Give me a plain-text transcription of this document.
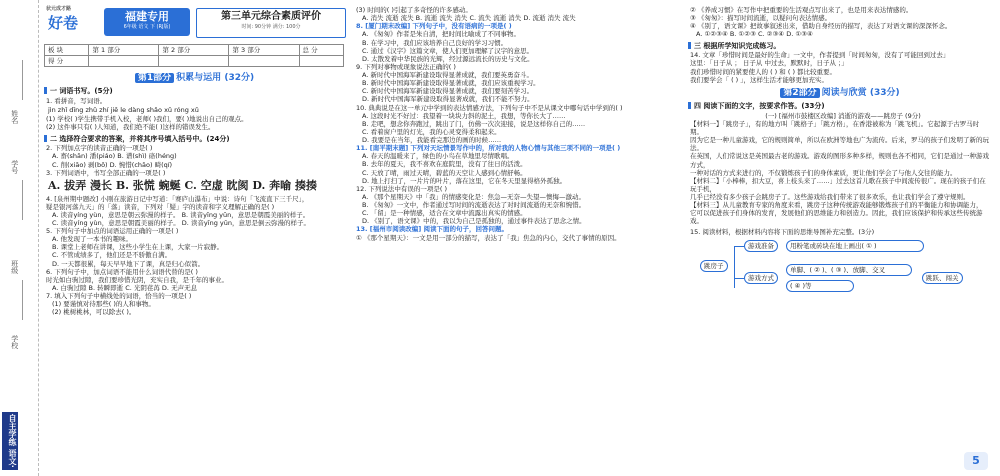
姓名
学号
班级
学校
自主学练 语文·
状元成才路
好卷	福建专用
6年级 语文 下 (RJ版)
第三单元综合素质评价
时间: 90分钟 满分: 100分
板 块	第 1 部分	第 2 部分	第 3 部分	总 分
得 分				
第1部分 积累与运用 (32分)
一 词语书写。(5分)
1. 看拼音，写词语。
jìn zhǐ dīng zhǔ zhí jiē le dàng shǎo xǔ róng xǔ
(1) 学校( )学生携带手机入校，老师( )我们，要( )地说出自己的观点。
(2) 这件事只有( )人知道，我们绝不能( )这样的错误发生。
二 选择符合要求的答案，并将其序号填入括号中。(24分)
2. 下列加点字的读音正确的一项是( )
A. 畜(shān) 潘(piáo) B. 谱(shì) 硌(héng)
C. 削(xiāo) 剥(bō) D. 惋惜(chāo) 畸(qí)
3. 下列词语中，书写全部正确的一项是( )
A. 拔弄 漫长 B. 张慌 蜿蜒 C. 空虚 眈阂 D. 奔喻 揍揍
4. [泉州期中题改] 小刚在旅游日记中写道：「赛庐山瀑布」中说：诗句「飞流直下三千尺」，
疑是银河落九天」的「落」读音，下列对「疑」字的读音和字义理解正确的是( )
A. 读音yíng yùn，意思是朝云弥漫的样子。 B. 读音yīng yūn，意思是朝霞美丽的样子。
C. 读音yíng yùn，意思是朝霞美丽的样子。 D. 读音yīng yūn，意思是倒云弥漫的样子。
5. 下列句子中加点的词语运用正确的一项是( )
A. 他发现了一本书的趣味。
B. 课堂上老师在讲课，这些小学生在上课，大家一片寂静。
C. 不管成绩多了，他们还是不骄傲自满。
D. 一天都很累，每天早早地下了课，真是归心似箭。
6. 下列句子中，加点词语不能用什么词语代替的是( )
时光如白驹过隙，我们要珍惜光阴，充实自我，是千年的事业。
A. 白驹过隙 B. 转瞬即逝 C. 光阴荏苒 D. 无声无息
7. 填入下列句子中横线处的词语，恰当的一项是( )
(1) 要谨慎对待那些( )的人和事物。
(2) 桃树桃林，可以除去( )。
(3) 时间的( )引起了多奇怪的许多感动。
A. 消失 流逝 流失 B. 流逝 流失 消失 C. 流失 流逝 消失 D. 流逝 消失 流失
8. [厦门期末改编] 下列句子中，没有语病的一项是( )
A. 《匆匆》作者是朱自清，把时间比喻成了不同事物。
B. 在学习中，我们应该培养自己良好的学习习惯。
C. 通过《汉字》这篇文章，使人们更加理解了汉字的意思。
D. 太散发着中华民族的光辉，经过源远流长的历史与文化。
9. 下列对事物或现象说法正确的( )
A. 新时代中国海军新建设取得显著成就，我们要英勇奋斗。
B. 新时代中国海军新建设取得显著成就，我们应该重视学习。
C. 新时代中国海军新建设取得显著成就，我们要刻苦学习。
D. 新时代中国海军新建设取得显著成就，我们不能不努力。
10. 典典说是在这一单元中学到的表达情感方法，下列句子中不是从课文中哪句话中学到的( )
A. 这段时光不好过：我望着一块块力斜的泥土，我想，等你长大了……
B. 走吧，想念你奔跑过，跳出了门，仿佛一次次迎接，说是这样你自己的……
C. 看着窗户里的灯光，我的心灵变得柔和起来。
D. 我要是在当年，我能看完那边的画的时候……
11. [南平期末题] 下列对天坛情景写作中的，所对我的人物心情与其他三项不同的一项是( )
A. 春天的温暖来了，绿色的小鸟在草地里尽情歌唱。
B. 去年的夏天，我不喜欢在庭院里，没有了往日的活泼。
C. 天放了晴，雨过天晴，碧蓝的天空让人感到心情舒畅。
D. 地上打扫了，一片片的叶片，落在这里，它在冬天里显得格外孤独。
12. 下列说法中有误的一项是( )
A. 《那个星期天》中「我」的情感变化是：焦急—无奈—失望—懊悔—激动。
B. 《匆匆》一文中，作者通过写时间的流逝表达了对时间流逝的无奈和惋惜。
C. 「留」是一种情感，适合在文章中流露出真实的情感。
D. 《别了，语文课》中的，我以为自己是孤独的，通过事件表达了思念之情。
13. [福州市阅读改编] 阅读下面的句子，回答问题。
① 《那个星期天》：一文是用一部分的描写，表达了「我」焦急的内心，交代了事情的原因。
② 《养成习惯》在写作中把重要的生活观点写出来了，也是用来表达情感的。
③ 《匆匆》：描写时间流逝，以疑问句表达情感。
④ 《别了，语文课》把故事叙述出来，借助自身经历的描写，表达了对语文课的深深怀念。
A. ①②③④ B. ①②③ C. ②③④ D. ①③④
三 根据所学知识完成练习。
14. 文章「珍惜时间是最好的生命」一文中，作者提到「时间匆匆，没有了可能回到过去」
这里：「日子从 ； 日子从 中过去，默默时，日子从 ；」
我们珍惜时间的紧要使人的 ( ) 和 ( ) 都比较重要。
我们要学会「 ( ) 」，这样生活才能够更加充实。
第2部分 阅读与欣赏 (33分)
四 阅读下面的文字，按要求作答。(33分)
(一) [福州市鼓楼区改编] 消逝的游戏——跳房子 (9分)
【材料一】「跳房子」，有的地方叫「跳格子」「跳方格」，在香港被称为「跳飞机」。它起源于古罗马时期。
因为它是一种儿童游戏，它的规则简单，所以在欧洲等地也广为流传。后来，罗马的孩子们发明了新的玩法。
在英国，人们常说这是英国最古老的游戏。游戏的图形多种多样，规则也各不相同，它们是通过一种游戏方式，
一种对话的方式来进行的，不仅锻炼孩子们的身体素质，更让他们学会了与他人交往的能力。
【材料二】「小棒棒，扣大豆，喜上枝头来了……」过去这首儿歌在孩子中间流传很广。现在的孩子们在玩手机，
几乎已经没有多少孩子会跳房子了。这些游戏给我们带来了很多欢乐，也让我们学会了遵守规则。
【材料三】从儿童教育专家的角度来看，跳房子这种传统游戏能够锻炼孩子们的平衡能力和协调能力，
它可以促进孩子们身体的发育，发展他们的思维能力和创造力。因此，我们应该保护和传承这些传统游戏。
15. 阅读材料，根据材料内容将下面的思维导图补充完整。(3分)
跳房子
游戏准备	用粉笔或砖块在地上画出( ① )
游戏方式
单脚、( ② )、( ③ )、放脚、交叉
( ④ )等
跳跃、闯关
5
